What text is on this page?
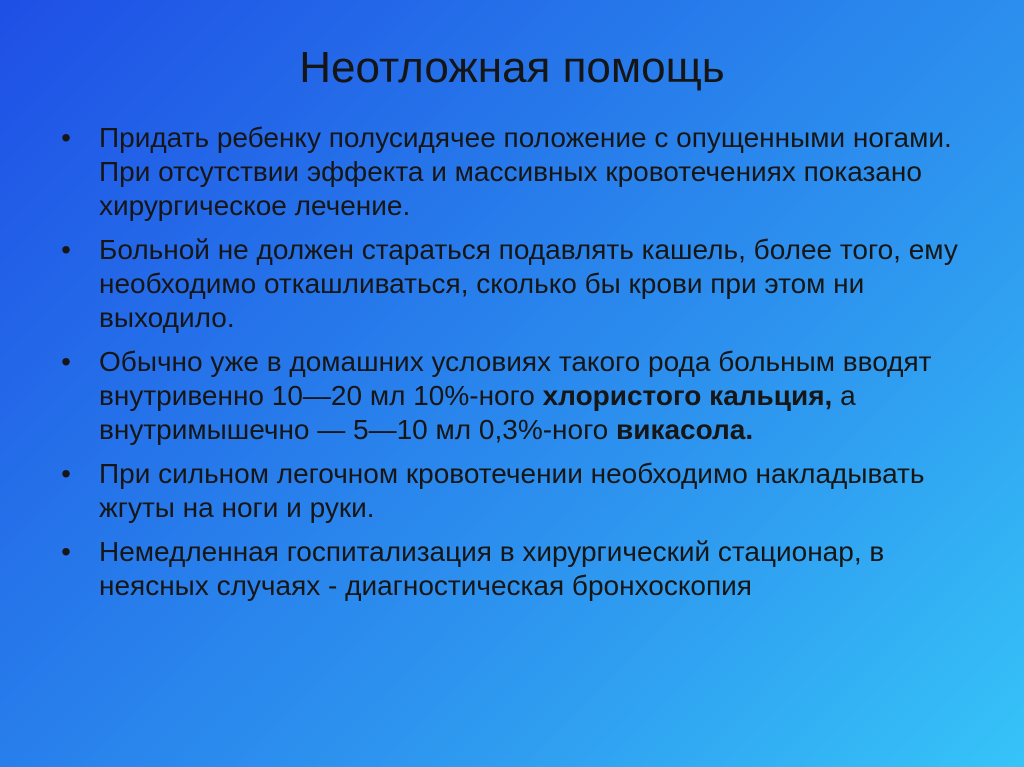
Неотложная помощь
• Придать ребенку полусидячее положение с опущенными ногами. При отсутствии эффекта и массивных кровотечениях показано хирургическое лечение.
• Больной не должен стараться подавлять кашель, более того, ему необходимо откашливаться, сколько бы крови при этом ни выходило.
• Обычно уже в домашних условиях такого рода больным вводят внутривенно 10—20 мл 10%-ного хлористого кальция, а внутримышечно — 5—10 мл 0,3%-ного викасола.
• При сильном легочном кровотечении необходимо накладывать жгуты на ноги и руки.
• Немедленная госпитализация в хирургический стационар, в неясных случаях - диагностическая бронхоскопия
